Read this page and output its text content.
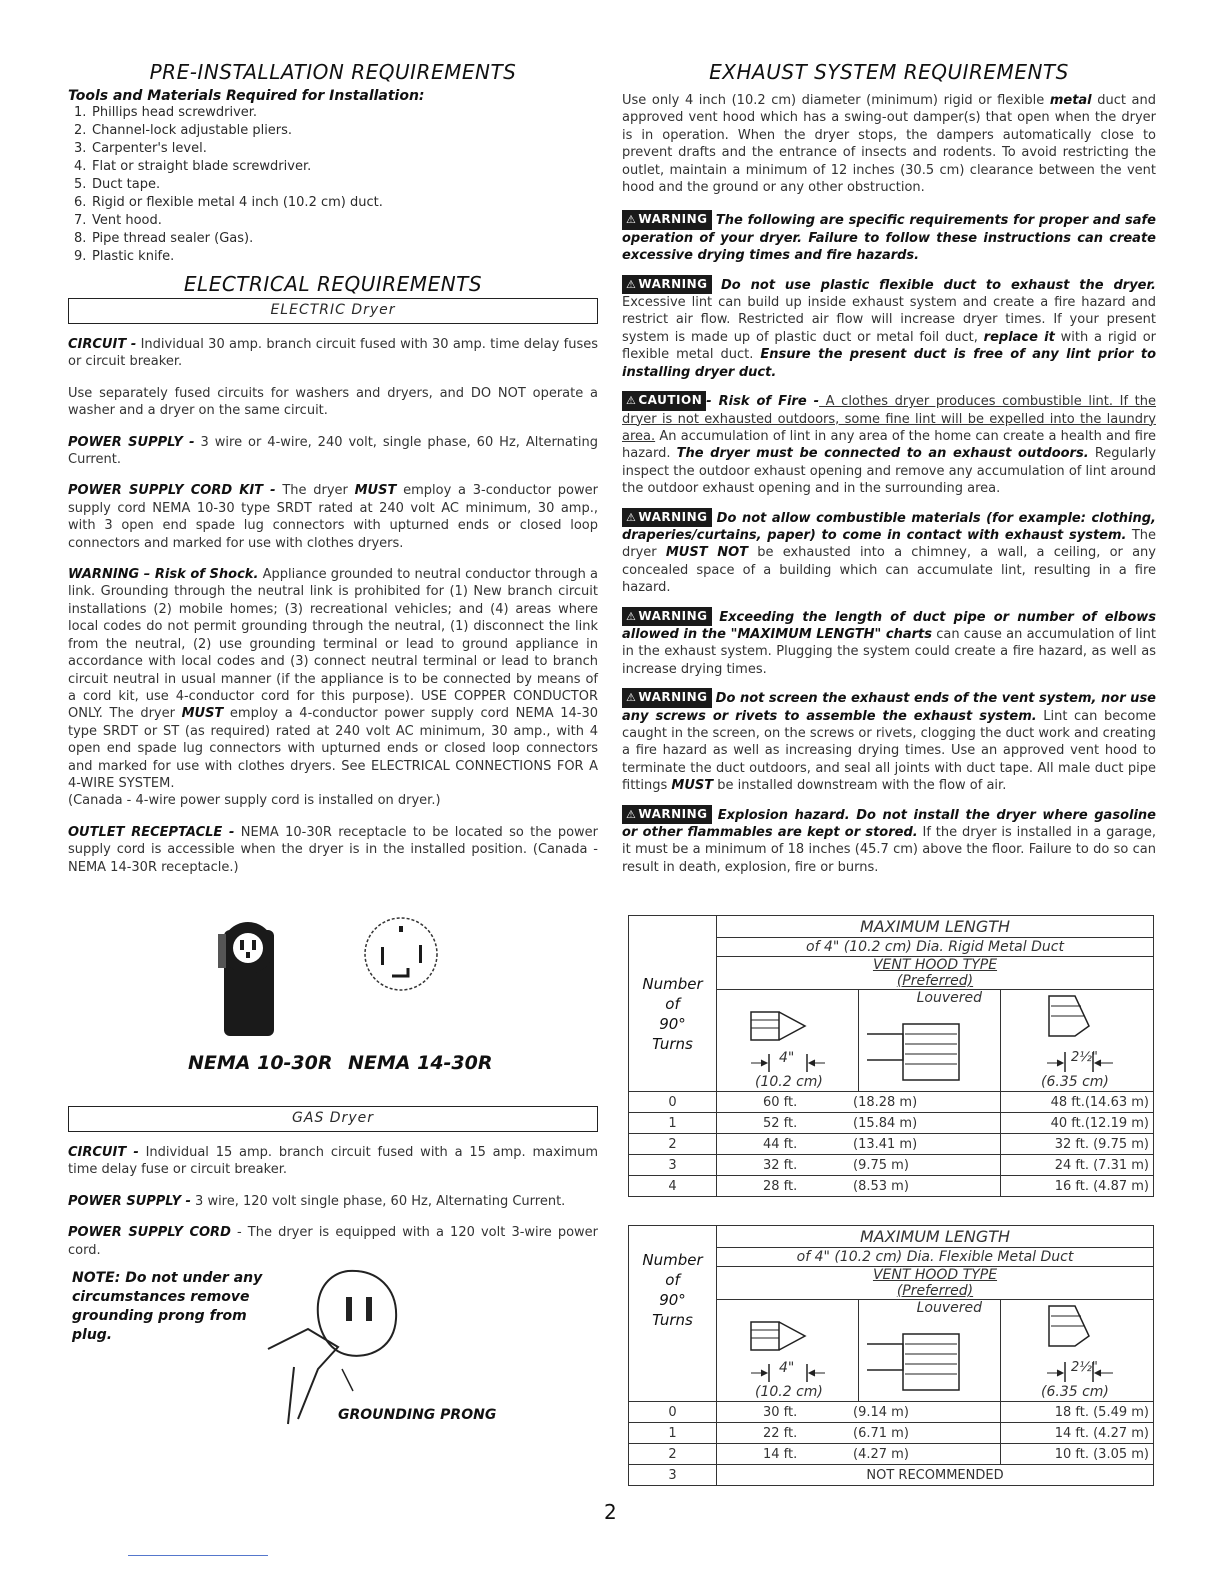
PRE-INSTALLATION REQUIREMENTS
Tools and Materials Required for Installation:
1. Phillips head screwdriver.
2. Channel-lock adjustable pliers.
3. Carpenter's level.
4. Flat or straight blade screwdriver.
5. Duct tape.
6. Rigid or flexible metal 4 inch (10.2 cm) duct.
7. Vent hood.
8. Pipe thread sealer (Gas).
9. Plastic knife.
ELECTRICAL REQUIREMENTS
ELECTRIC Dryer

CIRCUIT - Individual 30 amp. branch circuit fused with 30 amp. time delay fuses or circuit breaker.

Use separately fused circuits for washers and dryers, and DO NOT operate a washer and a dryer on the same circuit.

POWER SUPPLY - 3 wire or 4-wire, 240 volt, single phase, 60 Hz, Alternating Current.

POWER SUPPLY CORD KIT - The dryer MUST employ a 3-conductor power supply cord NEMA 10-30 type SRDT rated at 240 volt AC minimum, 30 amp., with 3 open end spade lug connectors with upturned ends or closed loop connectors and marked for use with clothes dryers.

WARNING – Risk of Shock. Appliance grounded to neutral conductor through a link. Grounding through the neutral link is prohibited for (1) New branch circuit installations (2) mobile homes; (3) recreational vehicles; and (4) areas where local codes do not permit grounding through the neutral, (1) disconnect the link from the neutral, (2) use grounding terminal or lead to ground appliance in accordance with local codes and (3) connect neutral terminal or lead to branch circuit neutral in usual manner (if the appliance is to be connected by means of a cord kit, use 4-conductor cord for this purpose). USE COPPER CONDUCTOR ONLY. The dryer MUST employ a 4-conductor power supply cord NEMA 14-30 type SRDT or ST (as required) rated at 240 volt AC minimum, 30 amp., with 4 open end spade lug connectors with upturned ends or closed loop connectors and marked for use with clothes dryers. See ELECTRICAL CONNECTIONS FOR A 4-WIRE SYSTEM.
(Canada - 4-wire power supply cord is installed on dryer.)

OUTLET RECEPTACLE - NEMA 10-30R receptacle to be located so the power supply cord is accessible when the dryer is in the installed position. (Canada - NEMA 14-30R receptacle.)

NEMA 10-30R NEMA 14-30R
GAS Dryer

CIRCUIT - Individual 15 amp. branch circuit fused with a 15 amp. maximum time delay fuse or circuit breaker.

POWER SUPPLY - 3 wire, 120 volt single phase, 60 Hz, Alternating Current.

POWER SUPPLY CORD - The dryer is equipped with a 120 volt 3-wire power cord.

NOTE: Do not under any circumstances remove grounding prong from plug.

GROUNDING PRONG
EXHAUST SYSTEM REQUIREMENTS

Use only 4 inch (10.2 cm) diameter (minimum) rigid or flexible metal duct and approved vent hood which has a swing-out damper(s) that open when the dryer is in operation. When the dryer stops, the dampers automatically close to prevent drafts and the entrance of insects and rodents. To avoid restricting the outlet, maintain a minimum of 12 inches (30.5 cm) clearance between the vent hood and the ground or any other obstruction.

⚠ WARNING The following are specific requirements for proper and safe operation of your dryer. Failure to follow these instructions can create excessive drying times and fire hazards.

⚠ WARNING Do not use plastic flexible duct to exhaust the dryer. Excessive lint can build up inside exhaust system and create a fire hazard and restrict air flow. Restricted air flow will increase dryer times. If your present system is made up of plastic duct or metal foil duct, replace it with a rigid or flexible metal duct. Ensure the present duct is free of any lint prior to installing dryer duct.

⚠ CAUTION - Risk of Fire - A clothes dryer produces combustible lint. If the dryer is not exhausted outdoors, some fine lint will be expelled into the laundry area. An accumulation of lint in any area of the home can create a health and fire hazard. The dryer must be connected to an exhaust outdoors. Regularly inspect the outdoor exhaust opening and remove any accumulation of lint around the outdoor exhaust opening and in the surrounding area.

⚠ WARNING Do not allow combustible materials (for example: clothing, draperies/curtains, paper) to come in contact with exhaust system. The dryer MUST NOT be exhausted into a chimney, a wall, a ceiling, or any concealed space of a building which can accumulate lint, resulting in a fire hazard.

⚠ WARNING Exceeding the length of duct pipe or number of elbows allowed in the "MAXIMUM LENGTH" charts can cause an accumulation of lint in the exhaust system. Plugging the system could create a fire hazard, as well as increase drying times.

⚠ WARNING Do not screen the exhaust ends of the vent system, nor use any screws or rivets to assemble the exhaust system. Lint can become caught in the screen, on the screws or rivets, clogging the duct work and creating a fire hazard as well as increasing drying times. Use an approved vent hood to terminate the duct outdoors, and seal all joints with duct tape. All male duct pipe fittings MUST be installed downstream with the flow of air.

⚠ WARNING Explosion hazard. Do not install the dryer where gasoline or other flammables are kept or stored. If the dryer is installed in a garage, it must be a minimum of 18 inches (45.7 cm) above the floor. Failure to do so can result in death, explosion, fire or burns.

Number
of
90°
Turns	MAXIMUM LENGTH		
	of 4" (10.2 cm) Dia. Rigid Metal Duct		
	VENT HOOD TYPE
(Preferred)		

	4"
(10.2 cm)	Louvered	2½"
(6.35 cm)

0	60 ft. (18.28 m)		48 ft.(14.63 m)
1	52 ft. (15.84 m)		40 ft.(12.19 m)
2	44 ft. (13.41 m)		32 ft. (9.75 m)
3	32 ft. (9.75 m)		24 ft. (7.31 m)
4	28 ft. (8.53 m)		16 ft. (4.87 m)
Number
of
90°
Turns	MAXIMUM LENGTH		
	of 4" (10.2 cm) Dia. Flexible Metal Duct		
	VENT HOOD TYPE
(Preferred)		

	4"
(10.2 cm)	Louvered	2½"
(6.35 cm)

0	30 ft. (9.14 m)		18 ft. (5.49 m)
1	22 ft. (6.71 m)		14 ft. (4.27 m)
2	14 ft. (4.27 m)		10 ft. (3.05 m)
3	NOT RECOMMENDED		
2
